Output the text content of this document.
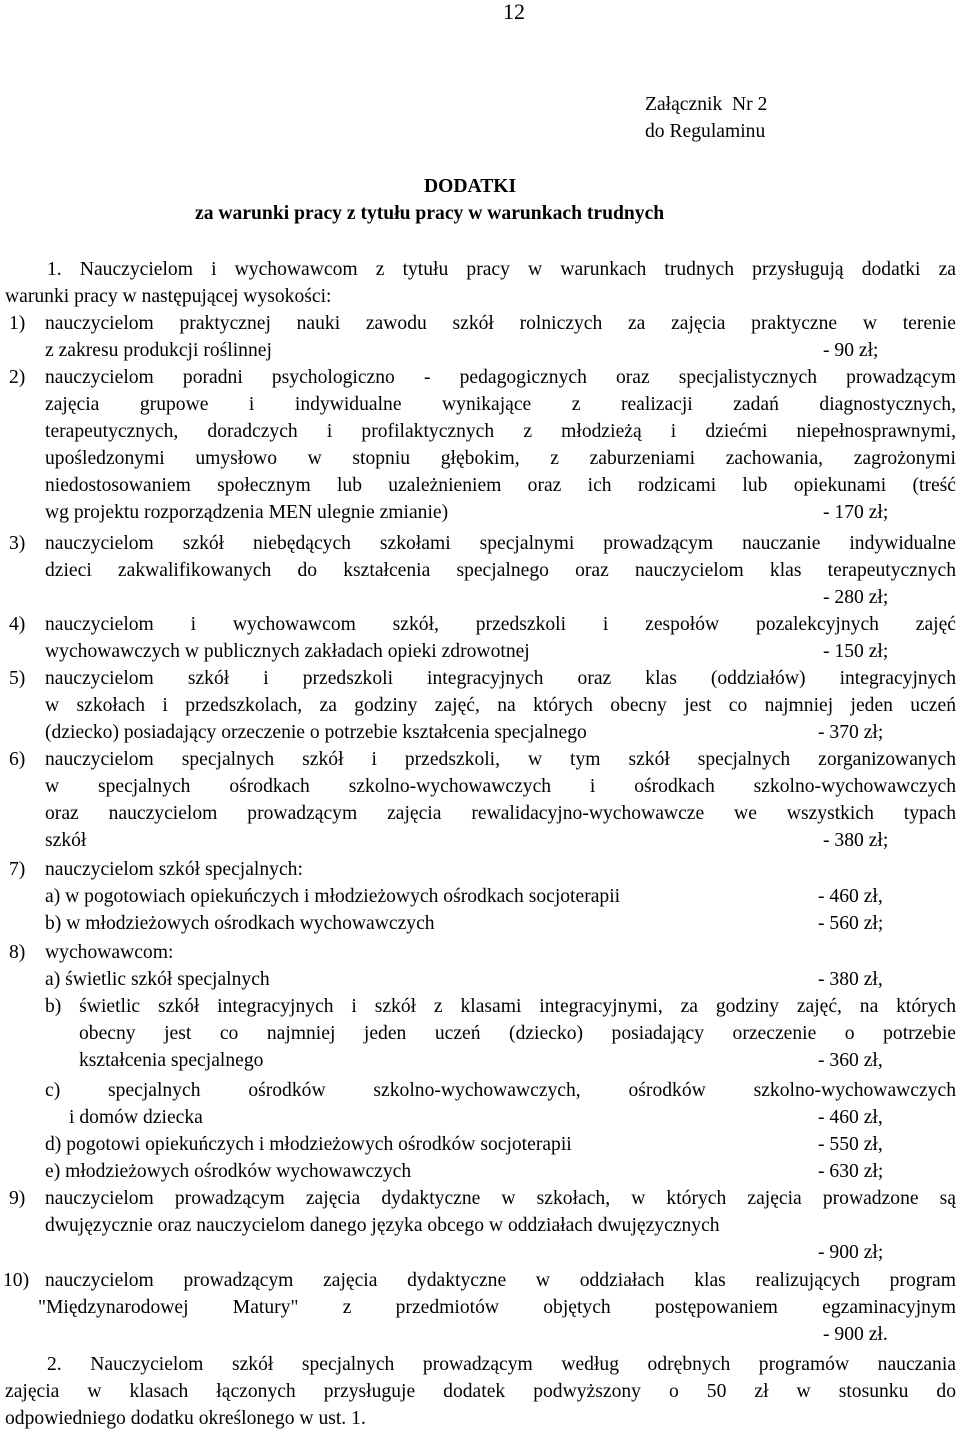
12
Załącznik  Nr 2
do Regulaminu
DODATKI
za warunki pracy z tytułu pracy w warunkach trudnych
1. Nauczycielom i wychowawcom z tytułu pracy w warunkach trudnych przysługują dodatki za
warunki pracy w następującej wysokości:
1) nauczycielom praktycznej nauki zawodu szkół rolniczych za zajęcia praktyczne w terenie
z zakresu produkcji roślinnej	- 90 zł;
2) nauczycielom poradni psychologiczno - pedagogicznych oraz specjalistycznych prowadzącym
zajęcia grupowe i indywidualne wynikające z realizacji zadań diagnostycznych,
terapeutycznych, doradczych i profilaktycznych z młodzieżą i dziećmi niepełnosprawnymi,
upośledzonymi umysłowo w stopniu głębokim, z zaburzeniami zachowania, zagrożonymi
niedostosowaniem społecznym lub uzależnieniem oraz ich rodzicami lub opiekunami (treść
wg projektu rozporządzenia MEN ulegnie zmianie)	- 170 zł;
3) nauczycielom szkół niebędących szkołami specjalnymi prowadzącym nauczanie indywidualne
dzieci zakwalifikowanych do kształcenia specjalnego oraz nauczycielom klas terapeutycznych
- 280 zł;
4) nauczycielom i wychowawcom szkół, przedszkoli i zespołów pozalekcyjnych zajęć
wychowawczych w publicznych zakładach opieki zdrowotnej	- 150 zł;
5) nauczycielom szkół i przedszkoli integracyjnych oraz klas (oddziałów) integracyjnych
w szkołach i przedszkolach, za godziny zajęć, na których obecny jest co najmniej jeden uczeń
(dziecko) posiadający orzeczenie o potrzebie kształcenia specjalnego	- 370 zł;
6) nauczycielom specjalnych szkół i przedszkoli, w tym szkół specjalnych zorganizowanych
w specjalnych ośrodkach szkolno-wychowawczych i ośrodkach szkolno-wychowawczych
oraz nauczycielom prowadzącym zajęcia rewalidacyjno-wychowawcze we wszystkich typach
szkół	- 380 zł;
7) nauczycielom szkół specjalnych:
a) w pogotowiach opiekuńczych i młodzieżowych ośrodkach socjoterapii	- 460 zł,
b) w młodzieżowych ośrodkach wychowawczych	- 560 zł;
8) wychowawcom:
a) świetlic szkół specjalnych	- 380 zł,
b) świetlic szkół integracyjnych i szkół z klasami integracyjnymi, za godziny zajęć, na których
obecny jest co najmniej jeden uczeń (dziecko) posiadający orzeczenie o potrzebie
kształcenia specjalnego	- 360 zł,
c) specjalnych ośrodków szkolno-wychowawczych, ośrodków szkolno-wychowawczych
i domów dziecka	- 460 zł,
d) pogotowi opiekuńczych i młodzieżowych ośrodków socjoterapii	- 550 zł,
e) młodzieżowych ośrodków wychowawczych	- 630 zł;
9) nauczycielom prowadzącym zajęcia dydaktyczne w szkołach, w których zajęcia prowadzone są
dwujęzycznie oraz nauczycielom danego języka obcego w oddziałach dwujęzycznych
- 900 zł;
10) nauczycielom prowadzącym zajęcia dydaktyczne w oddziałach klas realizujących program
"Międzynarodowej Matury" z przedmiotów objętych postępowaniem egzaminacyjnym
- 900 zł.
2. Nauczycielom szkół specjalnych prowadzącym według odrębnych programów nauczania
zajęcia w klasach łączonych przysługuje dodatek podwyższony o 50 zł w stosunku do
odpowiedniego dodatku określonego w ust. 1.
